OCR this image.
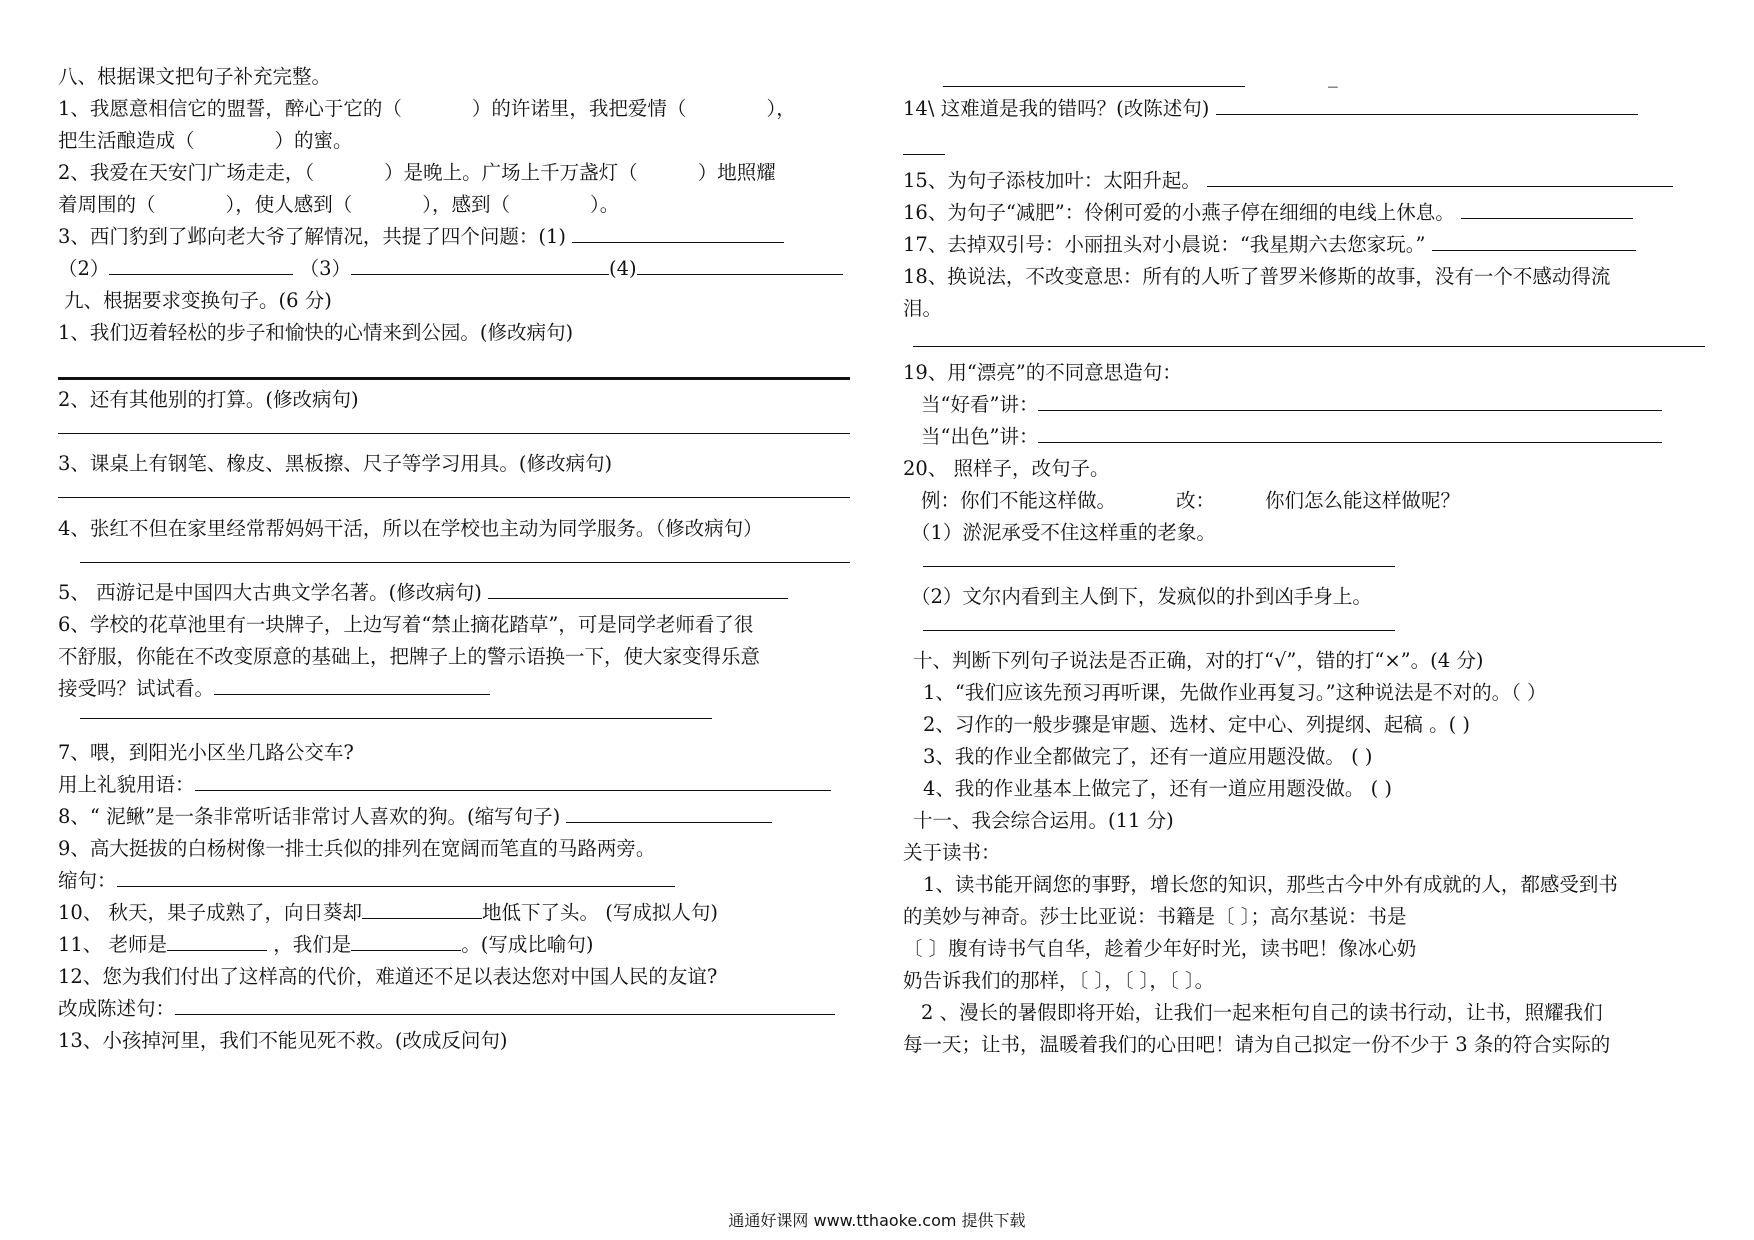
八、根据课文把句子补充完整。
1、我愿意相信它的盟誓，醉心于它的（	）的许诺里，我把爱情（	），
把生活酿造成（	）的蜜。
2、我爱在天安门广场走走，（	）是晚上。广场上千万盏灯（	）地照耀
着周围的（	），使人感到（	），感到（	）。
3、西门豹到了邺向老大爷了解情况，共提了四个问题：(1)
（2）	（3）	(4)
九、根据要求变换句子。(6 分)
1、我们迈着轻松的步子和愉快的心情来到公园。(修改病句)
2、还有其他别的打算。(修改病句)
3、课桌上有钢笔、橡皮、黑板擦、尺子等学习用具。(修改病句)
4、张红不但在家里经常帮妈妈干活，所以在学校也主动为同学服务。（修改病句）
5、 西游记是中国四大古典文学名著。(修改病句)
6、学校的花草池里有一块牌子，上边写着“禁止摘花踏草”，可是同学老师看了很
不舒服，你能在不改变原意的基础上，把牌子上的警示语换一下，使大家变得乐意
接受吗？试试看。
7、喂，到阳光小区坐几路公交车?
用上礼貌用语：
8、“ 泥鳅”是一条非常听话非常讨人喜欢的狗。(缩写句子)
9、高大挺拔的白杨树像一排士兵似的排列在宽阔而笔直的马路两旁。
缩句：
10、 秋天，果子成熟了，向日葵却	地低下了头。 (写成拟人句)
11、 老师是	，我们是	。(写成比喻句)
12、您为我们付出了这样高的代价，难道还不足以表达您对中国人民的友谊?
改成陈述句：
13、小孩掉河里，我们不能见死不救。(改成反问句)
_
14\ 这难道是我的错吗？(改陈述句)
15、为句子添枝加叶：太阳升起。
16、为句子“减肥”：伶俐可爱的小燕子停在细细的电线上休息。
17、去掉双引号：小丽扭头对小晨说：“我星期六去您家玩。”
18、换说法，不改变意思：所有的人听了普罗米修斯的故事，没有一个不感动得流
泪。
19、用“漂亮”的不同意思造句：
当“好看”讲：
当“出色”讲：
20、 照样子，改句子。
例：你们不能这样做。	改：	你们怎么能这样做呢？
（1）淤泥承受不住这样重的老象。
（2）文尔内看到主人倒下，发疯似的扑到凶手身上。
十、判断下列句子说法是否正确，对的打“√”，错的打“×”。(4 分)
1、“我们应该先预习再听课，先做作业再复习。”这种说法是不对的。（ ）
2、习作的一般步骤是审题、选材、定中心、列提纲、起稿 。( )
3、我的作业全都做完了，还有一道应用题没做。 ( )
4、我的作业基本上做完了，还有一道应用题没做。 ( )
十一、我会综合运用。(11 分)
关于读书：
1、读书能开阔您的事野，增长您的知识，那些古今中外有成就的人，都感受到书
的美妙与神奇。莎士比亚说：书籍是〔 〕；高尔基说：书是
〔 〕腹有诗书气自华，趁着少年好时光，读书吧！像冰心奶
奶告诉我们的那样，〔 〕，〔 〕，〔 〕。
2 、漫长的暑假即将开始，让我们一起来柜句自己的读书行动，让书，照耀我们
每一天；让书，温暖着我们的心田吧！请为自己拟定一份不少于 3 条的符合实际的
通通好课网 www.tthaoke.com 提供下载
